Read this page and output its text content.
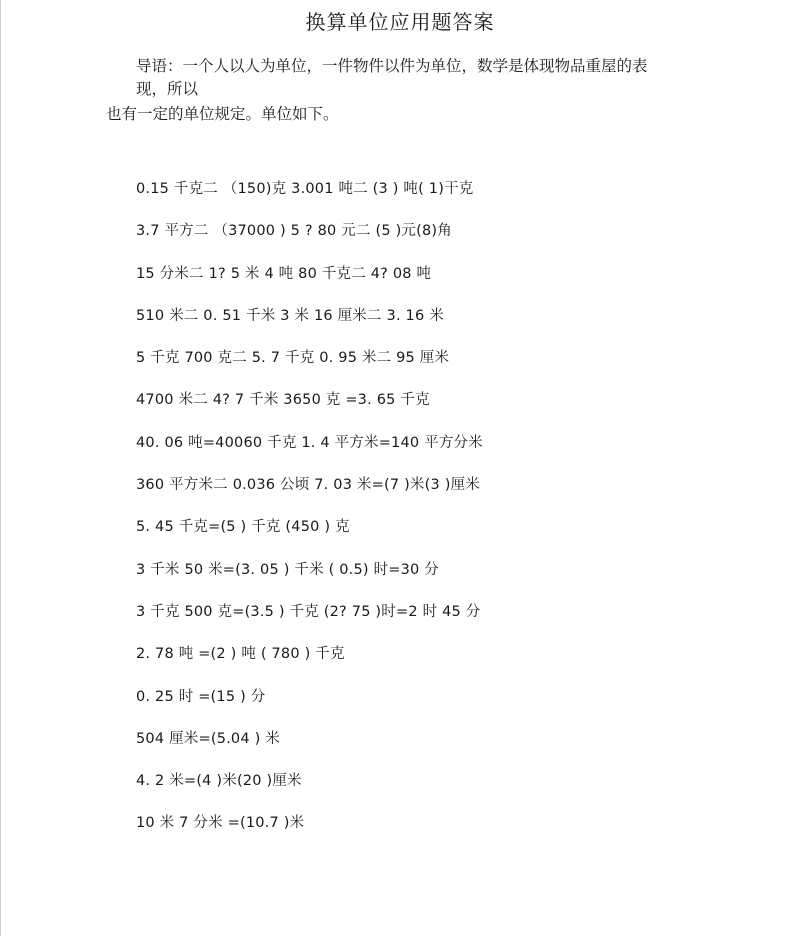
换算单位应用题答案
导语：一个人以人为单位，一件物件以件为单位，数学是体现物品重屋的表
现，所以
也有一定的单位规定。单位如下。
0.15 千克二 （150)克 3.001 吨二 (3 ) 吨( 1)干克
3.7 平方二 （37000 ) 5 ? 80 元二 (5 )元(8)角
15 分米二 1? 5 米 4 吨 80 千克二 4? 08 吨
510 米二 0. 51 千米 3 米 16 厘米二 3. 16 米
5 千克 700 克二 5. 7 千克 0. 95 米二 95 厘米
4700 米二 4? 7 千米 3650 克 =3. 65 千克
40. 06 吨=40060 千克 1. 4 平方米=140 平方分米
360 平方米二 0.036 公顷 7. 03 米=(7 )米(3 )厘米
5. 45 千克=(5 ) 千克 (450 ) 克
3 千米 50 米=(3. 05 ) 千米 ( 0.5) 时=30 分
3 千克 500 克=(3.5 ) 千克 (2? 75 )时=2 时 45 分
2. 78 吨 =(2 ) 吨 ( 780 ) 千克
0. 25 时 =(15 ) 分
504 厘米=(5.04 ) 米
4. 2 米=(4 )米(20 )厘米
10 米 7 分米 =(10.7 )米
